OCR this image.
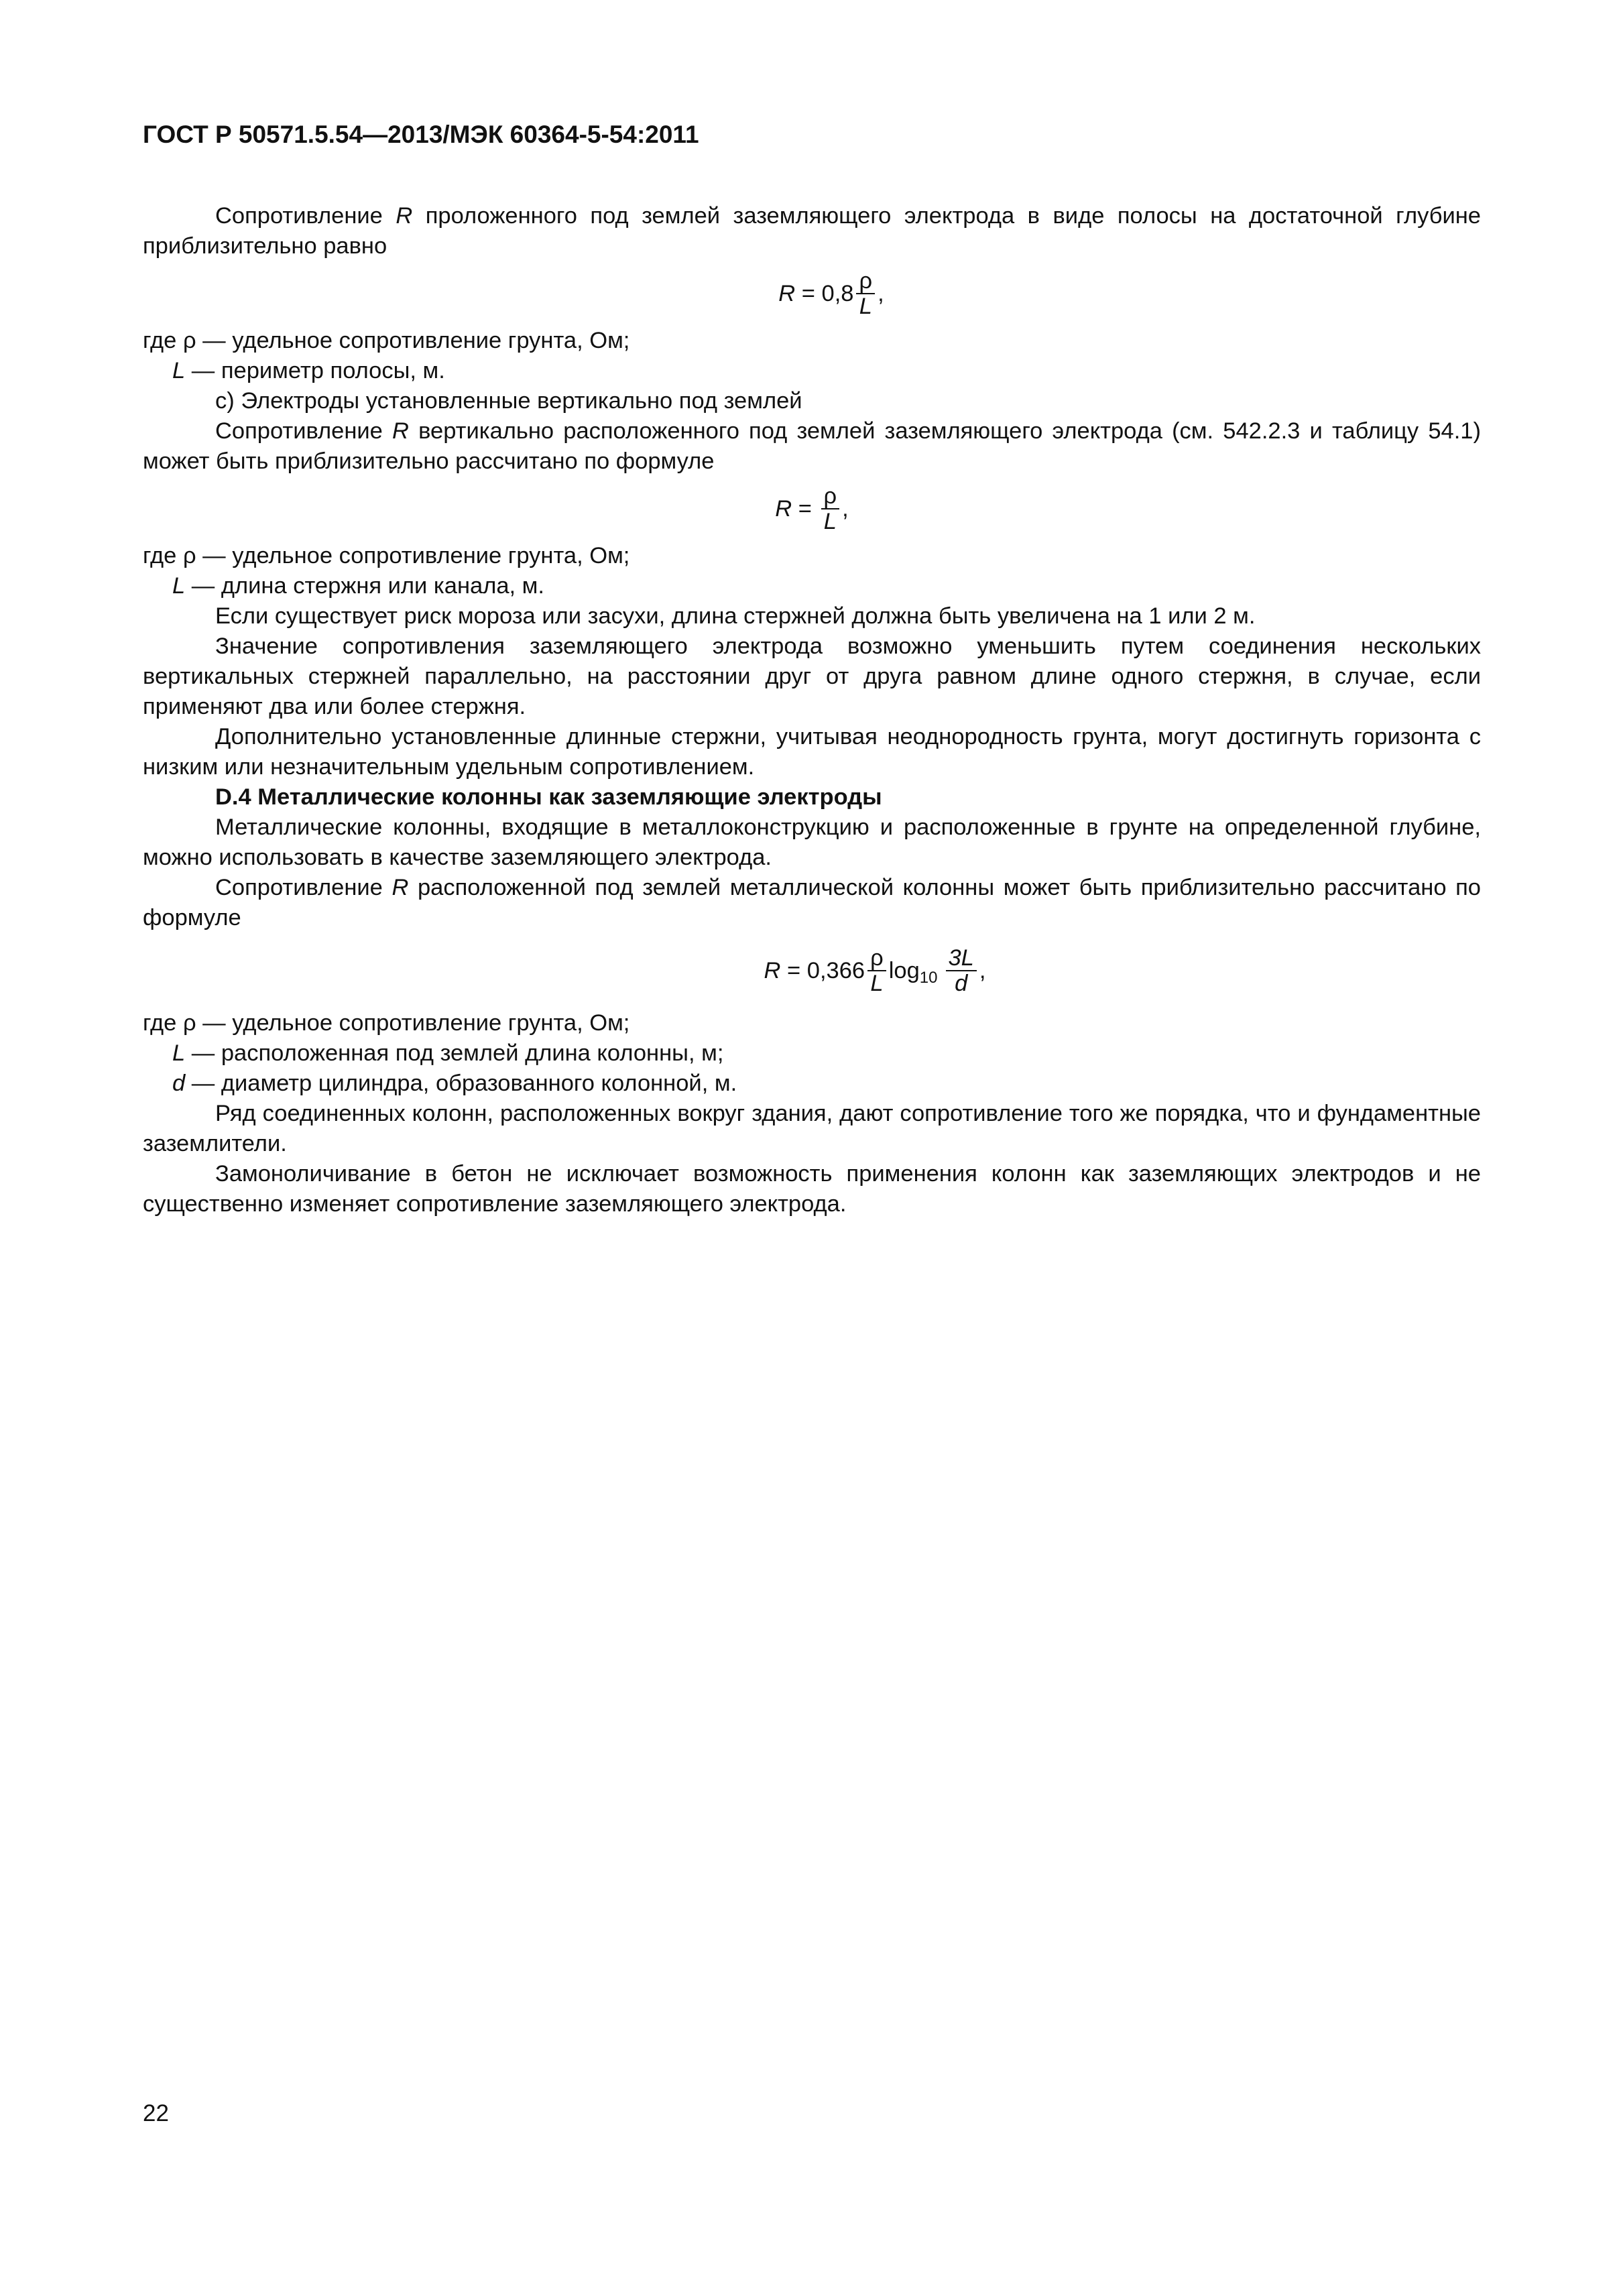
ГОСТ Р 50571.5.54—2013/МЭК 60364-5-54:2011

Сопротивление R проложенного под землей заземляющего электрода в виде полосы на достаточной глубине приблизительно равно

$R = 0,8 \frac{\rho}{L}$ ,

где ρ — удельное сопротивление грунта, Ом;

L — периметр полосы, м.

с) Электроды установленные вертикально под землей

Сопротивление R вертикально расположенного под землей заземляющего электрода (см. 542.2.3 и таблицу 54.1) может быть приблизительно рассчитано по формуле

$R = \frac{\rho}{L}$ ,

где ρ — удельное сопротивление грунта, Ом;

L — длина стержня или канала, м.

Если существует риск мороза или засухи, длина стержней должна быть увеличена на 1 или 2 м.

Значение сопротивления заземляющего электрода возможно уменьшить путем соединения нескольких вертикальных стержней параллельно, на расстоянии друг от друга равном длине одного стержня, в случае, если применяют два или более стержня.

Дополнительно установленные длинные стержни, учитывая неоднородность грунта, могут достигнуть горизонта с низким или незначительным удельным сопротивлением.

D.4 Металлические колонны как заземляющие электроды

Металлические колонны, входящие в металлоконструкцию и расположенные в грунте на определенной глубине, можно использовать в качестве заземляющего электрода.

Сопротивление R расположенной под землей металлической колонны может быть приблизительно рассчитано по формуле

$R = 0,366 \frac{\rho}{L}$ $\log 10 \frac{3L}{d}$ ,

где ρ — удельное сопротивление грунта, Ом;

L — расположенная под землей длина колонны, м;

d — диаметр цилиндра, образованного колонной, м.

Ряд соединенных колонн, расположенных вокруг здания, дают сопротивление того же порядка, что и фундаментные заземлители.

Замоноличивание в бетон не исключает возможность применения колонн как заземляющих электродов и не существенно изменяет сопротивление заземляющего электрода.

22
